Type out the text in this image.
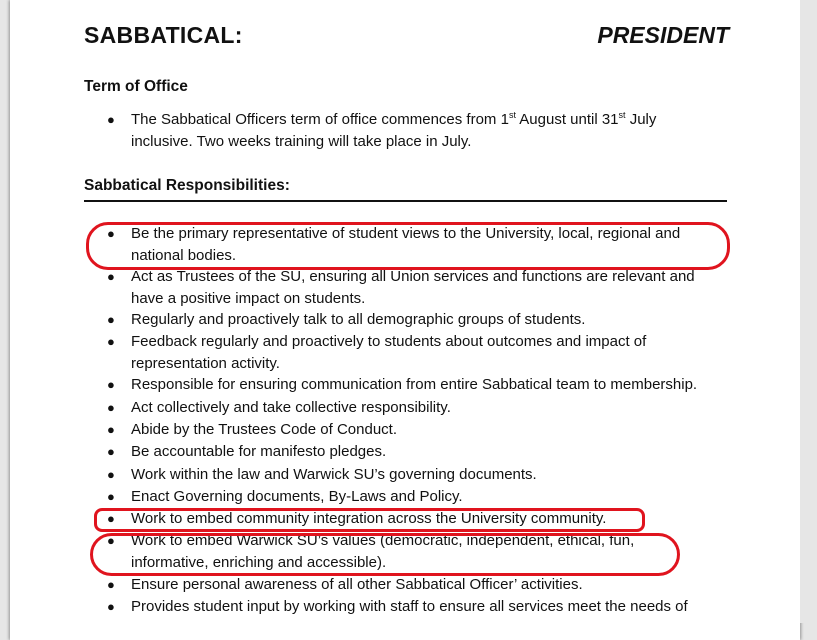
SABBATICAL:	PRESIDENT
Term of Office
● The Sabbatical Officers term of office commences from 1st August until 31st July
inclusive. Two weeks training will take place in July.
Sabbatical Responsibilities:
● Be the primary representative of student views to the University, local, regional and national bodies.
● Act as Trustees of the SU, ensuring all Union services and functions are relevant and have a positive impact on students.
● Regularly and proactively talk to all demographic groups of students.
● Feedback regularly and proactively to students about outcomes and impact of representation activity.
● Responsible for ensuring communication from entire Sabbatical team to membership.
● Act collectively and take collective responsibility.
● Abide by the Trustees Code of Conduct.
● Be accountable for manifesto pledges.
● Work within the law and Warwick SU’s governing documents.
● Enact Governing documents, By-Laws and Policy.
● Work to embed community integration across the University community.
● Work to embed Warwick SU’s values (democratic, independent, ethical, fun, informative, enriching and accessible).
● Ensure personal awareness of all other Sabbatical Officer’ activities.
● Provides student input by working with staff to ensure all services meet the needs of
